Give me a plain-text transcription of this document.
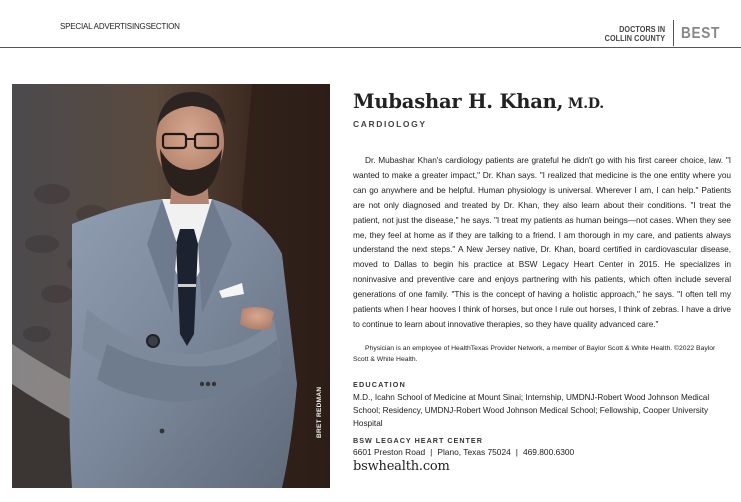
SPECIAL ADVERTISINGSECTION	DOCTORS IN
COLLIN COUNTY BEST
BRET REDMAN
Mubashar H. Khan, M.D.
CARDIOLOGY
Dr. Mubashar Khan's cardiology patients are grateful he didn't go with his first career choice, law. "I wanted to make a greater impact," Dr. Khan says. "I realized that medicine is the one entity where you can go anywhere and be helpful. Human physiology is universal. Wherever I am, I can help." Patients are not only diagnosed and treated by Dr. Khan, they also learn about their conditions. "I treat the patient, not just the disease," he says. "I treat my patients as human beings—not cases. When they see me, they feel at home as if they are talking to a friend. I am thorough in my care, and patients always understand the next steps." A New Jersey native, Dr. Khan, board certified in cardiovascular disease, moved to Dallas to begin his practice at BSW Legacy Heart Center in 2015. He specializes in noninvasive and preventive care and enjoys partnering with his patients, which often include several generations of one family. "This is the concept of having a holistic approach," he says. "I often tell my patients when I hear hooves I think of horses, but once I rule out horses, I think of zebras. I have a drive to continue to learn about innovative therapies, so they have quality advanced care."
Physician is an employee of HealthTexas Provider Network, a member of Baylor Scott & White Health. ©2022 Baylor Scott & White Health.
EDUCATION
M.D., Icahn School of Medicine at Mount Sinai; Internship, UMDNJ-Robert Wood Johnson Medical School; Residency, UMDNJ-Robert Wood Johnson Medical School; Fellowship, Cooper University Hospital
BSW LEGACY HEART CENTER
6601 Preston Road | Plano, Texas 75024 | 469.800.6300
bswhealth.com
